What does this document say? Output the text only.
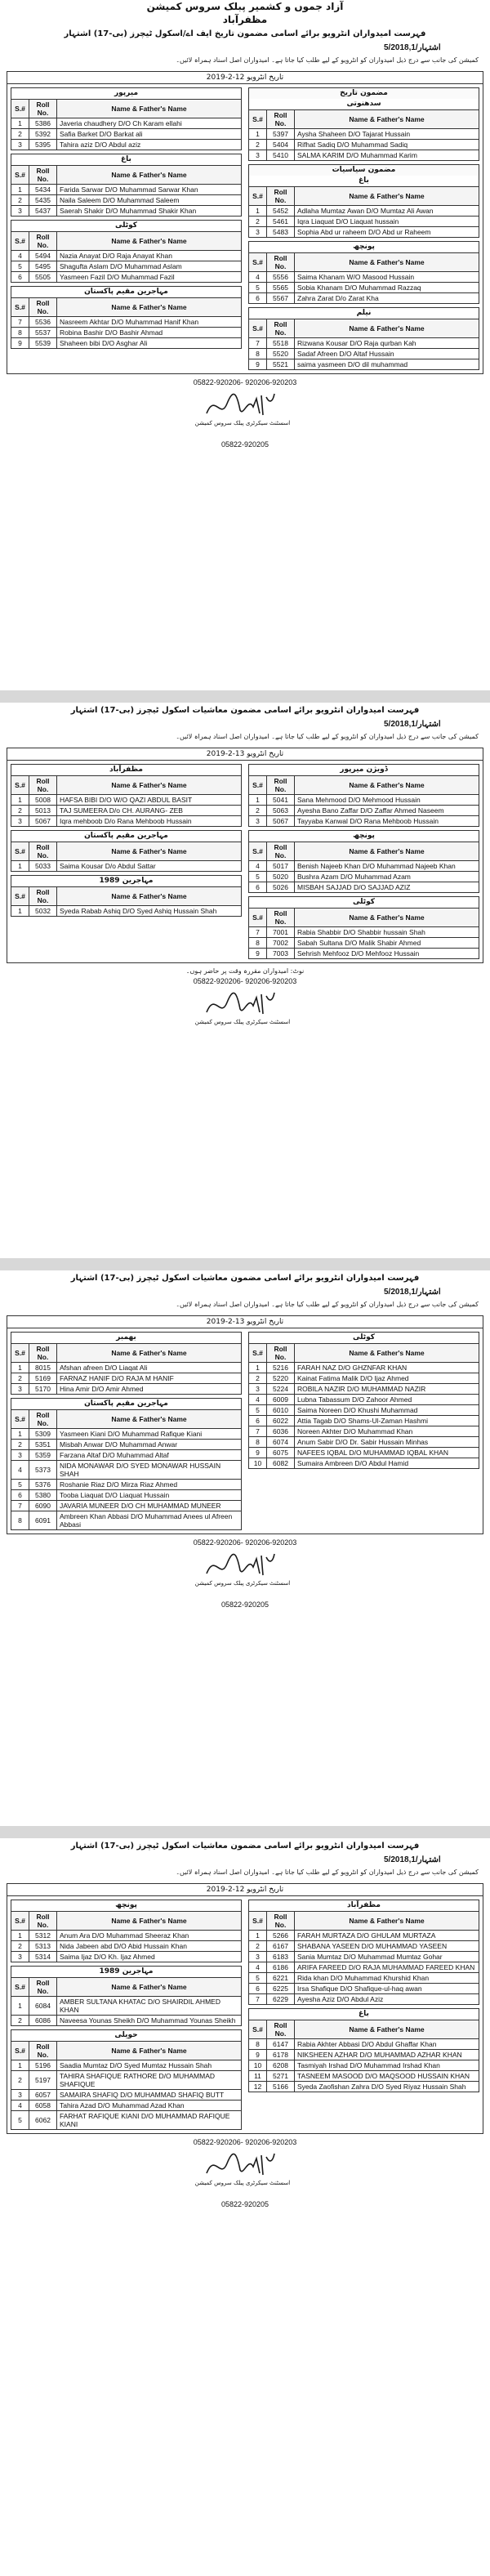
آزاد جموں و کشمیر پبلک سروس کمیشن
مظفرآباد
فہرست امیدواران انٹرویو برائے اسامی مضمون تاریخ ایف اے/اسکول ٹیچرز (بی-17) اشتہار
5/2018,1/اشتہار
کمیشن کی جانب سے درج ذیل امیدواران کو انٹرویو کے لیے طلب کیا جاتا ہے۔ امیدواران اصل اسناد ہمراہ لائیں۔
تاریخ انٹرویو 12-2-2019
مضمون تاریخ
سدھنوتی
S.#	Roll No.	Name & Father's Name
1	5397	Aysha Shaheen D/O Tajarat Hussain
2	5404	Rifhat Sadiq D/O Muhammad Sadiq
3	5410	SALMA KARIM D/O Muhammad Karim
مضمون سیاسیات
باغ
S.#	Roll No.	Name & Father's Name
1	5452	Adlaha Mumtaz Awan D/O Mumtaz Ali Awan
2	5461	Iqra Liaquat D/O Liaquat hussain
3	5483	Sophia Abd ur raheem D/O Abd ur Raheem
پونچھ
S.#	Roll No.	Name & Father's Name
4	5556	Saima Khanam W/O Masood Hussain
5	5565	Sobia Khanam D/O Muhammad Razzaq
6	5567	Zahra Zarat D/o Zarat Kha
نیلم
S.#	Roll No.	Name & Father's Name
7	5518	Rizwana Kousar D/O Raja qurban Kah
8	5520	Sadaf Afreen D/O Altaf Hussain
9	5521	saima yasmeen D/O dil muhammad
میرپور
S.#	Roll No.	Name & Father's Name
1	5386	Javeria chaudhery D/O Ch Karam ellahi
2	5392	Safia Barket D/O Barkat ali
3	5395	Tahira aziz D/O Abdul aziz
باغ
S.#	Roll No.	Name & Father's Name
1	5434	Farida Sarwar D/O Muhammad Sarwar Khan
2	5435	Naila Saleem D/O Muhammad Saleem
3	5437	Saerah Shakir D/O Muhammad Shakir Khan
کوٹلی
S.#	Roll No.	Name & Father's Name
4	5494	Nazia Anayat D/O Raja Anayat Khan
5	5495	Shagufta Aslam D/O Muhammad Aslam
6	5505	Yasmeen Fazil D/O Muhammad Fazil
مہاجرین مقیم پاکستان
S.#	Roll No.	Name & Father's Name
7	5536	Nasreem Akhtar D/O Muhammad Hanif Khan
8	5537	Robina Bashir D/O Bashir Ahmad
9	5539	Shaheen bibi D/O Asghar Ali
05822-920206- 920206-920203
اسسٹنٹ سیکرٹری پبلک سروس کمیشن
05822-920205
فہرست امیدواران انٹرویو برائے اسامی مضمون معاشیات اسکول ٹیچرز (بی-17) اشتہار
5/2018,1/اشتہار
کمیشن کی جانب سے درج ذیل امیدواران کو انٹرویو کے لیے طلب کیا جاتا ہے۔ امیدواران اصل اسناد ہمراہ لائیں۔
تاریخ انٹرویو 13-2-2019
ڈویژن میرپور
S.#	Roll No.	Name & Father's Name
1	5041	Sana Mehmood D/O Mehmood Hussain
2	5063	Ayesha Bano Zaffar D/O Zaffar Ahmed Naseem
3	5067	Tayyaba Kanwal D/O Rana Mehboob Hussain
پونچھ
S.#	Roll No.	Name & Father's Name
4	5017	Benish Najeeb Khan D/O Muhammad Najeeb Khan
5	5020	Bushra Azam D/O Muhammad Azam
6	5026	MISBAH SAJJAD D/O SAJJAD AZIZ
کوٹلی
S.#	Roll No.	Name & Father's Name
7	7001	Rabia Shabbir D/O Shabbir hussain Shah
8	7002	Sabah Sultana D/O Malik Shabir Ahmed
9	7003	Sehrish Mehfooz D/O Mehfooz Hussain
مظفرآباد
S.#	Roll No.	Name & Father's Name
1	5008	HAFSA BIBI D/O W/O QAZI ABDUL BASIT
2	5013	TAJ SUMEERA D/o CH. AURANG- ZEB
3	5067	Iqra mehboob D/o Rana Mehboob Hussain
مہاجرین مقیم پاکستان
S.#	Roll No.	Name & Father's Name
1	5033	Saima Kousar D/o Abdul Sattar
مہاجرین 1989
S.#	Roll No.	Name & Father's Name
1	5032	Syeda Rabab Ashiq D/O Syed Ashiq Hussain Shah
نوٹ: امیدواران مقررہ وقت پر حاضر ہوں۔
05822-920206- 920206-920203
اسسٹنٹ سیکرٹری پبلک سروس کمیشن
فہرست امیدواران انٹرویو برائے اسامی مضمون معاشیات اسکول ٹیچرز (بی-17) اشتہار
5/2018,1/اشتہار
کمیشن کی جانب سے درج ذیل امیدواران کو انٹرویو کے لیے طلب کیا جاتا ہے۔ امیدواران اصل اسناد ہمراہ لائیں۔
تاریخ انٹرویو 13-2-2019
کوٹلی
S.#	Roll No.	Name & Father's Name
1	5216	FARAH NAZ D/O GHZNFAR KHAN
2	5220	Kainat Fatima Malik D/O Ijaz Ahmed
3	5224	ROBILA NAZIR D/O MUHAMMAD NAZIR
4	6009	Lubna Tabassum D/O Zahoor Ahmed
5	6010	Saima Noreen D/O Khushi Muhammad
6	6022	Attia Tagab D/O Shams-Ul-Zaman Hashmi
7	6036	Noreen Akhter D/O Muhammad Khan
8	6074	Anum Sabir D/O Dr. Sabir Hussain Minhas
9	6075	NAFEES IQBAL D/O MUHAMMAD IQBAL KHAN
10	6082	Sumaira Ambreen D/O Abdul Hamid
بھمبر
S.#	Roll No.	Name & Father's Name
1	8015	Afshan afreen D/O Liaqat Ali
2	5169	FARNAZ HANIF D/O RAJA M HANIF
3	5170	Hina Amir D/O Amir Ahmed
مہاجرین مقیم پاکستان
S.#	Roll No.	Name & Father's Name
1	5309	Yasmeen Kiani D/O Muhammad Rafique Kiani
2	5351	Misbah Anwar D/O Muhammad Anwar
3	5359	Farzana Altaf D/O Muhammad Altaf
4	5373	NIDA MONAWAR D/O SYED MONAWAR HUSSAIN SHAH
5	5376	Roshanie Riaz D/O Mirza Riaz Ahmed
6	5380	Tooba Liaquat D/O Liaquat Hussain
7	6090	JAVARIA MUNEER D/O CH MUHAMMAD MUNEER
8	6091	Ambreen Khan Abbasi D/O Muhammad Anees ul Afreen Abbasi
05822-920206- 920206-920203
اسسٹنٹ سیکرٹری پبلک سروس کمیشن
05822-920205
فہرست امیدواران انٹرویو برائے اسامی مضمون معاشیات اسکول ٹیچرز (بی-17) اشتہار
5/2018,1/اشتہار
کمیشن کی جانب سے درج ذیل امیدواران کو انٹرویو کے لیے طلب کیا جاتا ہے۔ امیدواران اصل اسناد ہمراہ لائیں۔
تاریخ انٹرویو 12-2-2019
مظفرآباد
S.#	Roll No.	Name & Father's Name
1	5266	FARAH MURTAZA D/O GHULAM MURTAZA
2	6167	SHABANA YASEEN D/O MUHAMMAD YASEEN
3	6183	Sania Mumtaz D/O Muhammad Mumtaz Gohar
4	6186	ARIFA FAREED D/O RAJA MUHAMMAD FAREED KHAN
5	6221	Rida khan D/O Muhammad Khurshid Khan
6	6225	Irsa Shafique D/O Shafique-ul-haq awan
7	6229	Ayesha Aziz D/O Abdul Aziz
باغ
S.#	Roll No.	Name & Father's Name
8	6147	Rabia Akhter Abbasi D/O Abdul Ghaffar Khan
9	6178	NIKSHEEN AZHAR D/O MUHAMMAD AZHAR KHAN
10	6208	Tasmiyah Irshad D/O Muhammad Irshad Khan
11	5271	TASNEEM MASOOD D/O MAQSOOD HUSSAIN KHAN
12	5166	Syeda Zaofishan Zahra D/O Syed Riyaz Hussain Shah
پونچھ
S.#	Roll No.	Name & Father's Name
1	5312	Anum Ara D/O Muhammad Sheeraz Khan
2	5313	Nida Jabeen abd D/O Abid Hussain Khan
3	5314	Saima Ijaz D/O Kh. Ijaz Ahmed
مہاجرین 1989
S.#	Roll No.	Name & Father's Name
1	6084	AMBER SULTANA KHATAC D/O SHAIRDIL AHMED KHAN
2	6086	Naveesa Younas Sheikh D/O Muhammad Younas Sheikh
حویلی
S.#	Roll No.	Name & Father's Name
1	5196	Saadia Mumtaz D/O Syed Mumtaz Hussain Shah
2	5197	TAHIRA SHAFIQUE RATHORE D/O MUHAMMAD SHAFIQUE
3	6057	SAMAIRA SHAFIQ D/O MUHAMMAD SHAFIQ BUTT
4	6058	Tahira Azad D/O Muhammad Azad Khan
5	6062	FARHAT RAFIQUE KIANI D/O MUHAMMAD RAFIQUE KIANI
05822-920206- 920206-920203
اسسٹنٹ سیکرٹری پبلک سروس کمیشن
05822-920205
